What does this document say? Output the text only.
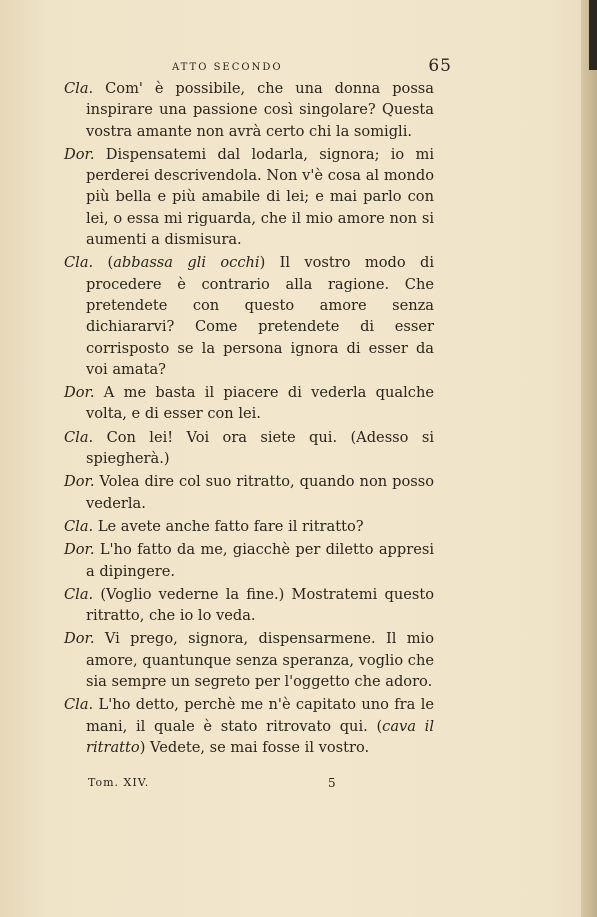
ATTO SECONDO	65

Cla. Com' è possibile, che una donna possa inspirare una passione così singolare? Questa vostra amante non avrà certo chi la somigli.

Dor. Dispensatemi dal lodarla, signora; io mi perderei descrivendola. Non v'è cosa al mondo più bella e più amabile di lei; e mai parlo con lei, o essa mi riguarda, che il mio amore non si aumenti a dismisura.

Cla. (abbassa gli occhi) Il vostro modo di procedere è contrario alla ragione. Che pretendete con questo amore senza dichiararvi? Come pretendete di esser corrisposto se la persona ignora di esser da voi amata?

Dor. A me basta il piacere di vederla qualche volta, e di esser con lei.

Cla. Con lei! Voi ora siete qui. (Adesso si spiegherà.)

Dor. Volea dire col suo ritratto, quando non posso vederla.

Cla. Le avete anche fatto fare il ritratto?

Dor. L'ho fatto da me, giacchè per diletto appresi a dipingere.

Cla. (Voglio vederne la fine.) Mostratemi questo ritratto, che io lo veda.

Dor. Vi prego, signora, dispensarmene. Il mio amore, quantunque senza speranza, voglio che sia sempre un segreto per l'oggetto che adoro.

Cla. L'ho detto, perchè me n'è capitato uno fra le mani, il quale è stato ritrovato qui. (cava il ritratto) Vedete, se mai fosse il vostro.

Tom. XIV.	5
